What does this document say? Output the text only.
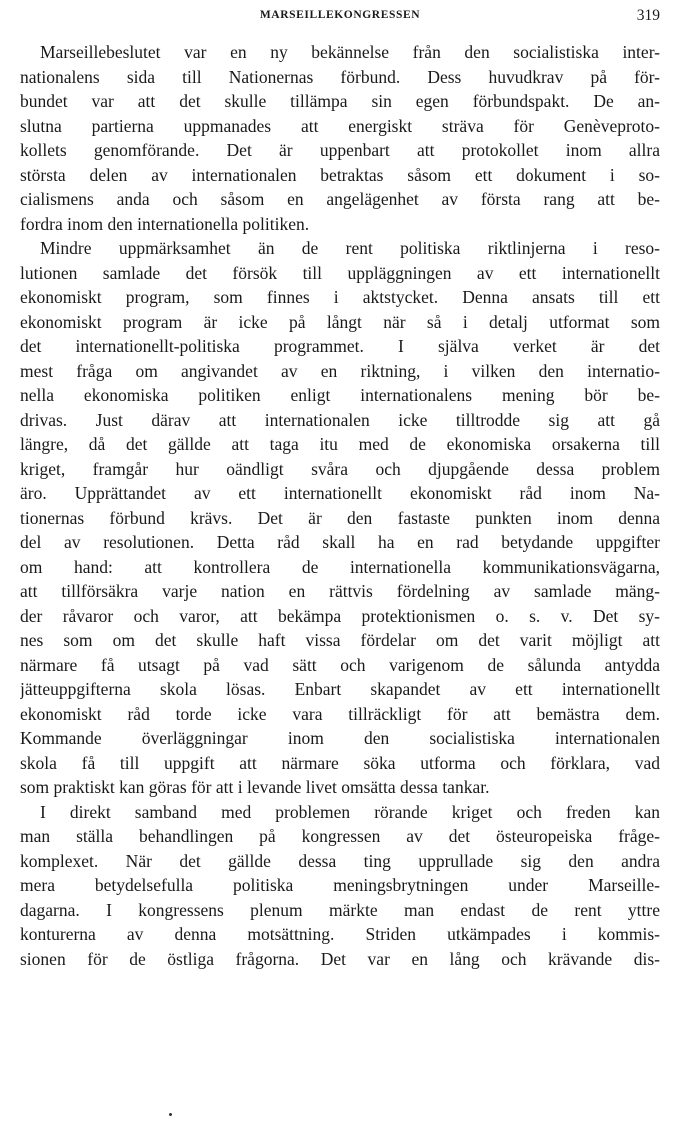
MARSEILLEKONGRESSEN	319
Marseillebeslutet var en ny bekännelse från den socialistiska inter-
nationalens sida till Nationernas förbund. Dess huvudkrav på för-
bundet var att det skulle tillämpa sin egen förbundspakt. De an-
slutna partierna uppmanades att energiskt sträva för Genèveproto-
kollets genomförande. Det är uppenbart att protokollet inom allra
största delen av internationalen betraktas såsom ett dokument i so-
cialismens anda och såsom en angelägenhet av första rang att be-
fordra inom den internationella politiken.
Mindre uppmärksamhet än de rent politiska riktlinjerna i reso-
lutionen samlade det försök till uppläggningen av ett internationellt
ekonomiskt program, som finnes i aktstycket. Denna ansats till ett
ekonomiskt program är icke på långt när så i detalj utformat som
det internationellt-politiska programmet. I själva verket är det
mest fråga om angivandet av en riktning, i vilken den internatio-
nella ekonomiska politiken enligt internationalens mening bör be-
drivas. Just därav att internationalen icke tilltrodde sig att gå
längre, då det gällde att taga itu med de ekonomiska orsakerna till
kriget, framgår hur oändligt svåra och djupgående dessa problem
äro. Upprättandet av ett internationellt ekonomiskt råd inom Na-
tionernas förbund krävs. Det är den fastaste punkten inom denna
del av resolutionen. Detta råd skall ha en rad betydande uppgifter
om hand: att kontrollera de internationella kommunikationsvägarna,
att tillförsäkra varje nation en rättvis fördelning av samlade mäng-
der råvaror och varor, att bekämpa protektionismen o. s. v. Det sy-
nes som om det skulle haft vissa fördelar om det varit möjligt att
närmare få utsagt på vad sätt och varigenom de sålunda antydda
jätteuppgifterna skola lösas. Enbart skapandet av ett internationellt
ekonomiskt råd torde icke vara tillräckligt för att bemästra dem.
Kommande överläggningar inom den socialistiska internationalen
skola få till uppgift att närmare söka utforma och förklara, vad
som praktiskt kan göras för att i levande livet omsätta dessa tankar.
I direkt samband med problemen rörande kriget och freden kan
man ställa behandlingen på kongressen av det östeuropeiska fråge-
komplexet. När det gällde dessa ting upprullade sig den andra
mera betydelsefulla politiska meningsbrytningen under Marseille-
dagarna. I kongressens plenum märkte man endast de rent yttre
konturerna av denna motsättning. Striden utkämpades i kommis-
sionen för de östliga frågorna. Det var en lång och krävande dis-
